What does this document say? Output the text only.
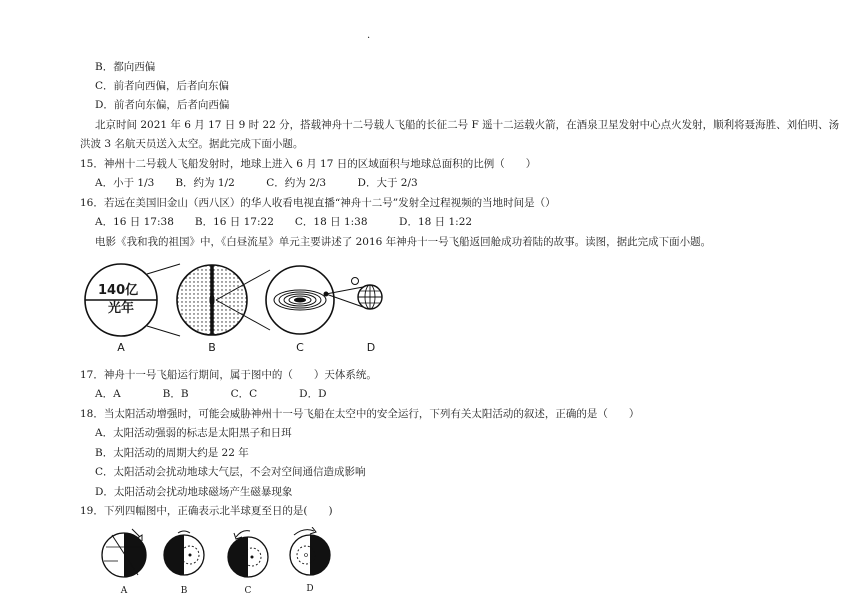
.
B．都向西偏
C．前者向西偏，后者向东偏
D．前者向东偏，后者向西偏
北京时间 2021 年 6 月 17 日 9 时 22 分，搭载神舟十二号载人飞船的长征二号 F 遥十二运载火箭，在酒泉卫星发射中心点火发射，顺利将聂海胜、刘伯明、汤
洪波 3 名航天员送入太空。据此完成下面小题。
15．神州十二号载人飞船发射时，地球上进入 6 月 17 日的区域面积与地球总面积的比例（　　）
A．小于 1/3　　B．约为 1/2　　　C．约为 2/3　　　D．大于 2/3
16．若远在美国旧金山（西八区）的华人收看电视直播“神舟十二号”发射全过程视频的当地时间是（）
A．16 日 17:38　　B．16 日 17:22　　C．18 日 1:38　　　D．18 日 1:22
电影《我和我的祖国》中，《白昼流星》单元主要讲述了 2016 年神舟十一号飞船返回舱成功着陆的故事。读图，据此完成下面小题。
140亿
光年
A	B	C	D
17．神舟十一号飞船运行期间，属于图中的（　　）天体系统。
A．A　　　　B．B　　　　C．C　　　　D．D
18．当太阳活动增强时，可能会威胁神州十一号飞船在太空中的安全运行，下列有关太阳活动的叙述，正确的是（　　）
A．太阳活动强弱的标志是太阳黑子和日珥
B．太阳活动的周期大约是 22 年
C．太阳活动会扰动地球大气层，不会对空间通信造成影响
D．太阳活动会扰动地球磁场产生磁暴现象
19．下列四幅图中，正确表示北半球夏至日的是(　　)
A	B	C	D
